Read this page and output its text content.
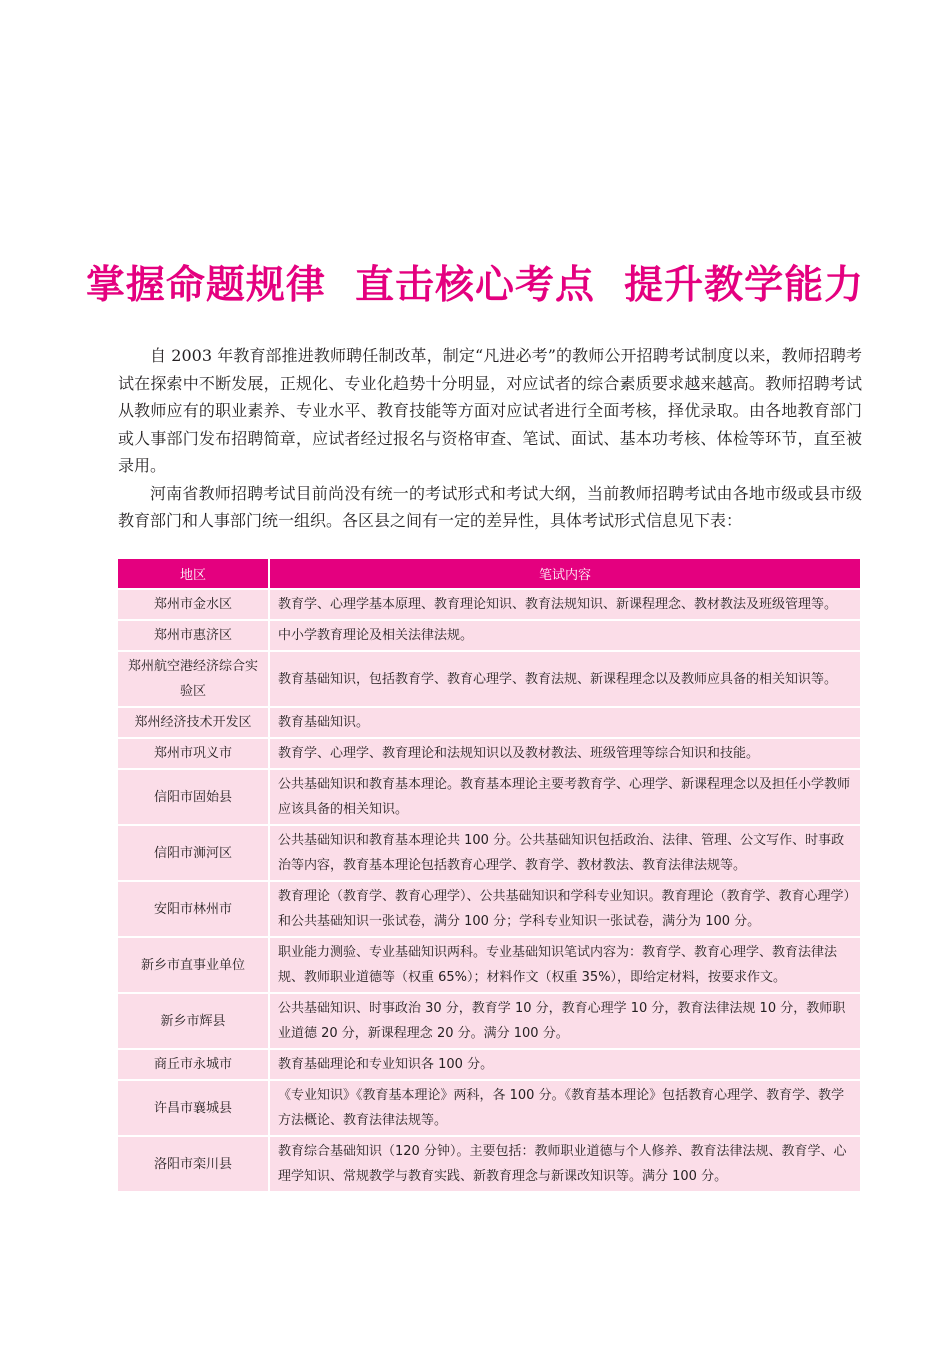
掌握命题规律  直击核心考点  提升教学能力

自 2003 年教育部推进教师聘任制改革，制定“凡进必考”的教师公开招聘考试制度以来，教师招聘考试在探索中不断发展，正规化、专业化趋势十分明显，对应试者的综合素质要求越来越高。教师招聘考试从教师应有的职业素养、专业水平、教育技能等方面对应试者进行全面考核，择优录取。由各地教育部门或人事部门发布招聘简章，应试者经过报名与资格审查、笔试、面试、基本功考核、体检等环节，直至被录用。

河南省教师招聘考试目前尚没有统一的考试形式和考试大纲，当前教师招聘考试由各地市级或县市级教育部门和人事部门统一组织。各区县之间有一定的差异性，具体考试形式信息见下表：

地区	笔试内容
郑州市金水区	教育学、心理学基本原理、教育理论知识、教育法规知识、新课程理念、教材教法及班级管理等。
郑州市惠济区	中小学教育理论及相关法律法规。
郑州航空港经济综合实验区	教育基础知识，包括教育学、教育心理学、教育法规、新课程理念以及教师应具备的相关知识等。
郑州经济技术开发区	教育基础知识。
郑州市巩义市	教育学、心理学、教育理论和法规知识以及教材教法、班级管理等综合知识和技能。
信阳市固始县	公共基础知识和教育基本理论。教育基本理论主要考教育学、心理学、新课程理念以及担任小学教师应该具备的相关知识。
信阳市浉河区	公共基础知识和教育基本理论共 100 分。公共基础知识包括政治、法律、管理、公文写作、时事政治等内容，教育基本理论包括教育心理学、教育学、教材教法、教育法律法规等。
安阳市林州市	教育理论（教育学、教育心理学）、公共基础知识和学科专业知识。教育理论（教育学、教育心理学）和公共基础知识一张试卷，满分 100 分；学科专业知识一张试卷，满分为 100 分。
新乡市直事业单位	职业能力测验、专业基础知识两科。专业基础知识笔试内容为：教育学、教育心理学、教育法律法规、教师职业道德等（权重 65%）；材料作文（权重 35%），即给定材料，按要求作文。
新乡市辉县	公共基础知识、时事政治 30 分，教育学 10 分，教育心理学 10 分，教育法律法规 10 分，教师职业道德 20 分，新课程理念 20 分。满分 100 分。
商丘市永城市	教育基础理论和专业知识各 100 分。
许昌市襄城县	《专业知识》《教育基本理论》两科，各 100 分。《教育基本理论》包括教育心理学、教育学、教学方法概论、教育法律法规等。
洛阳市栾川县	教育综合基础知识（120 分钟）。主要包括：教师职业道德与个人修养、教育法律法规、教育学、心理学知识、常规教学与教育实践、新教育理念与新课改知识等。满分 100 分。
